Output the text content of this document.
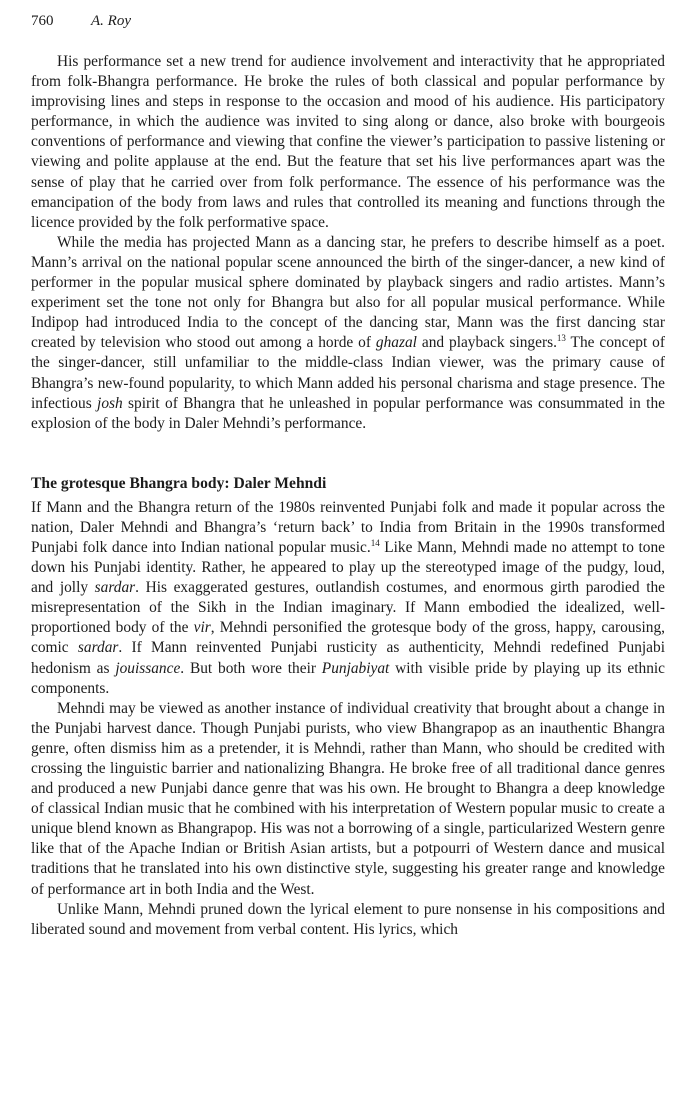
760	A. Roy

His performance set a new trend for audience involvement and interactivity that he appropriated from folk-Bhangra performance. He broke the rules of both classical and popular performance by improvising lines and steps in response to the occasion and mood of his audience. His participatory performance, in which the audience was invited to sing along or dance, also broke with bourgeois conventions of performance and viewing that confine the viewer’s participation to passive listening or viewing and polite applause at the end. But the feature that set his live performances apart was the sense of play that he carried over from folk performance. The essence of his performance was the emancipation of the body from laws and rules that controlled its meaning and functions through the licence provided by the folk performative space.

While the media has projected Mann as a dancing star, he prefers to describe himself as a poet. Mann’s arrival on the national popular scene announced the birth of the singer-dancer, a new kind of performer in the popular musical sphere dominated by playback singers and radio artistes. Mann’s experiment set the tone not only for Bhangra but also for all popular musical performance. While Indipop had introduced India to the concept of the dancing star, Mann was the first dancing star created by television who stood out among a horde of ghazal and playback singers.$^{13}$ The concept of the singer-dancer, still unfamiliar to the middle-class Indian viewer, was the primary cause of Bhangra’s new-found popularity, to which Mann added his personal charisma and stage presence. The infectious josh spirit of Bhangra that he unleashed in popular performance was consummated in the explosion of the body in Daler Mehndi’s performance.

The grotesque Bhangra body: Daler Mehndi

If Mann and the Bhangra return of the 1980s reinvented Punjabi folk and made it popular across the nation, Daler Mehndi and Bhangra’s ‘return back’ to India from Britain in the 1990s transformed Punjabi folk dance into Indian national popular music.$^{14}$ Like Mann, Mehndi made no attempt to tone down his Punjabi identity. Rather, he appeared to play up the stereotyped image of the pudgy, loud, and jolly sardar. His exaggerated gestures, outlandish costumes, and enormous girth parodied the misrepresentation of the Sikh in the Indian imaginary. If Mann embodied the idealized, well-proportioned body of the vir, Mehndi personified the grotesque body of the gross, happy, carousing, comic sardar. If Mann reinvented Punjabi rusticity as authenticity, Mehndi redefined Punjabi hedonism as jouissance. But both wore their Punjabiyat with visible pride by playing up its ethnic components.

Mehndi may be viewed as another instance of individual creativity that brought about a change in the Punjabi harvest dance. Though Punjabi purists, who view Bhangrapop as an inauthentic Bhangra genre, often dismiss him as a pretender, it is Mehndi, rather than Mann, who should be credited with crossing the linguistic barrier and nationalizing Bhangra. He broke free of all traditional dance genres and produced a new Punjabi dance genre that was his own. He brought to Bhangra a deep knowledge of classical Indian music that he combined with his interpretation of Western popular music to create a unique blend known as Bhangrapop. His was not a borrowing of a single, particularized Western genre like that of the Apache Indian or British Asian artists, but a potpourri of Western dance and musical traditions that he translated into his own distinctive style, suggesting his greater range and knowledge of performance art in both India and the West.

Unlike Mann, Mehndi pruned down the lyrical element to pure nonsense in his compositions and liberated sound and movement from verbal content. His lyrics, which
